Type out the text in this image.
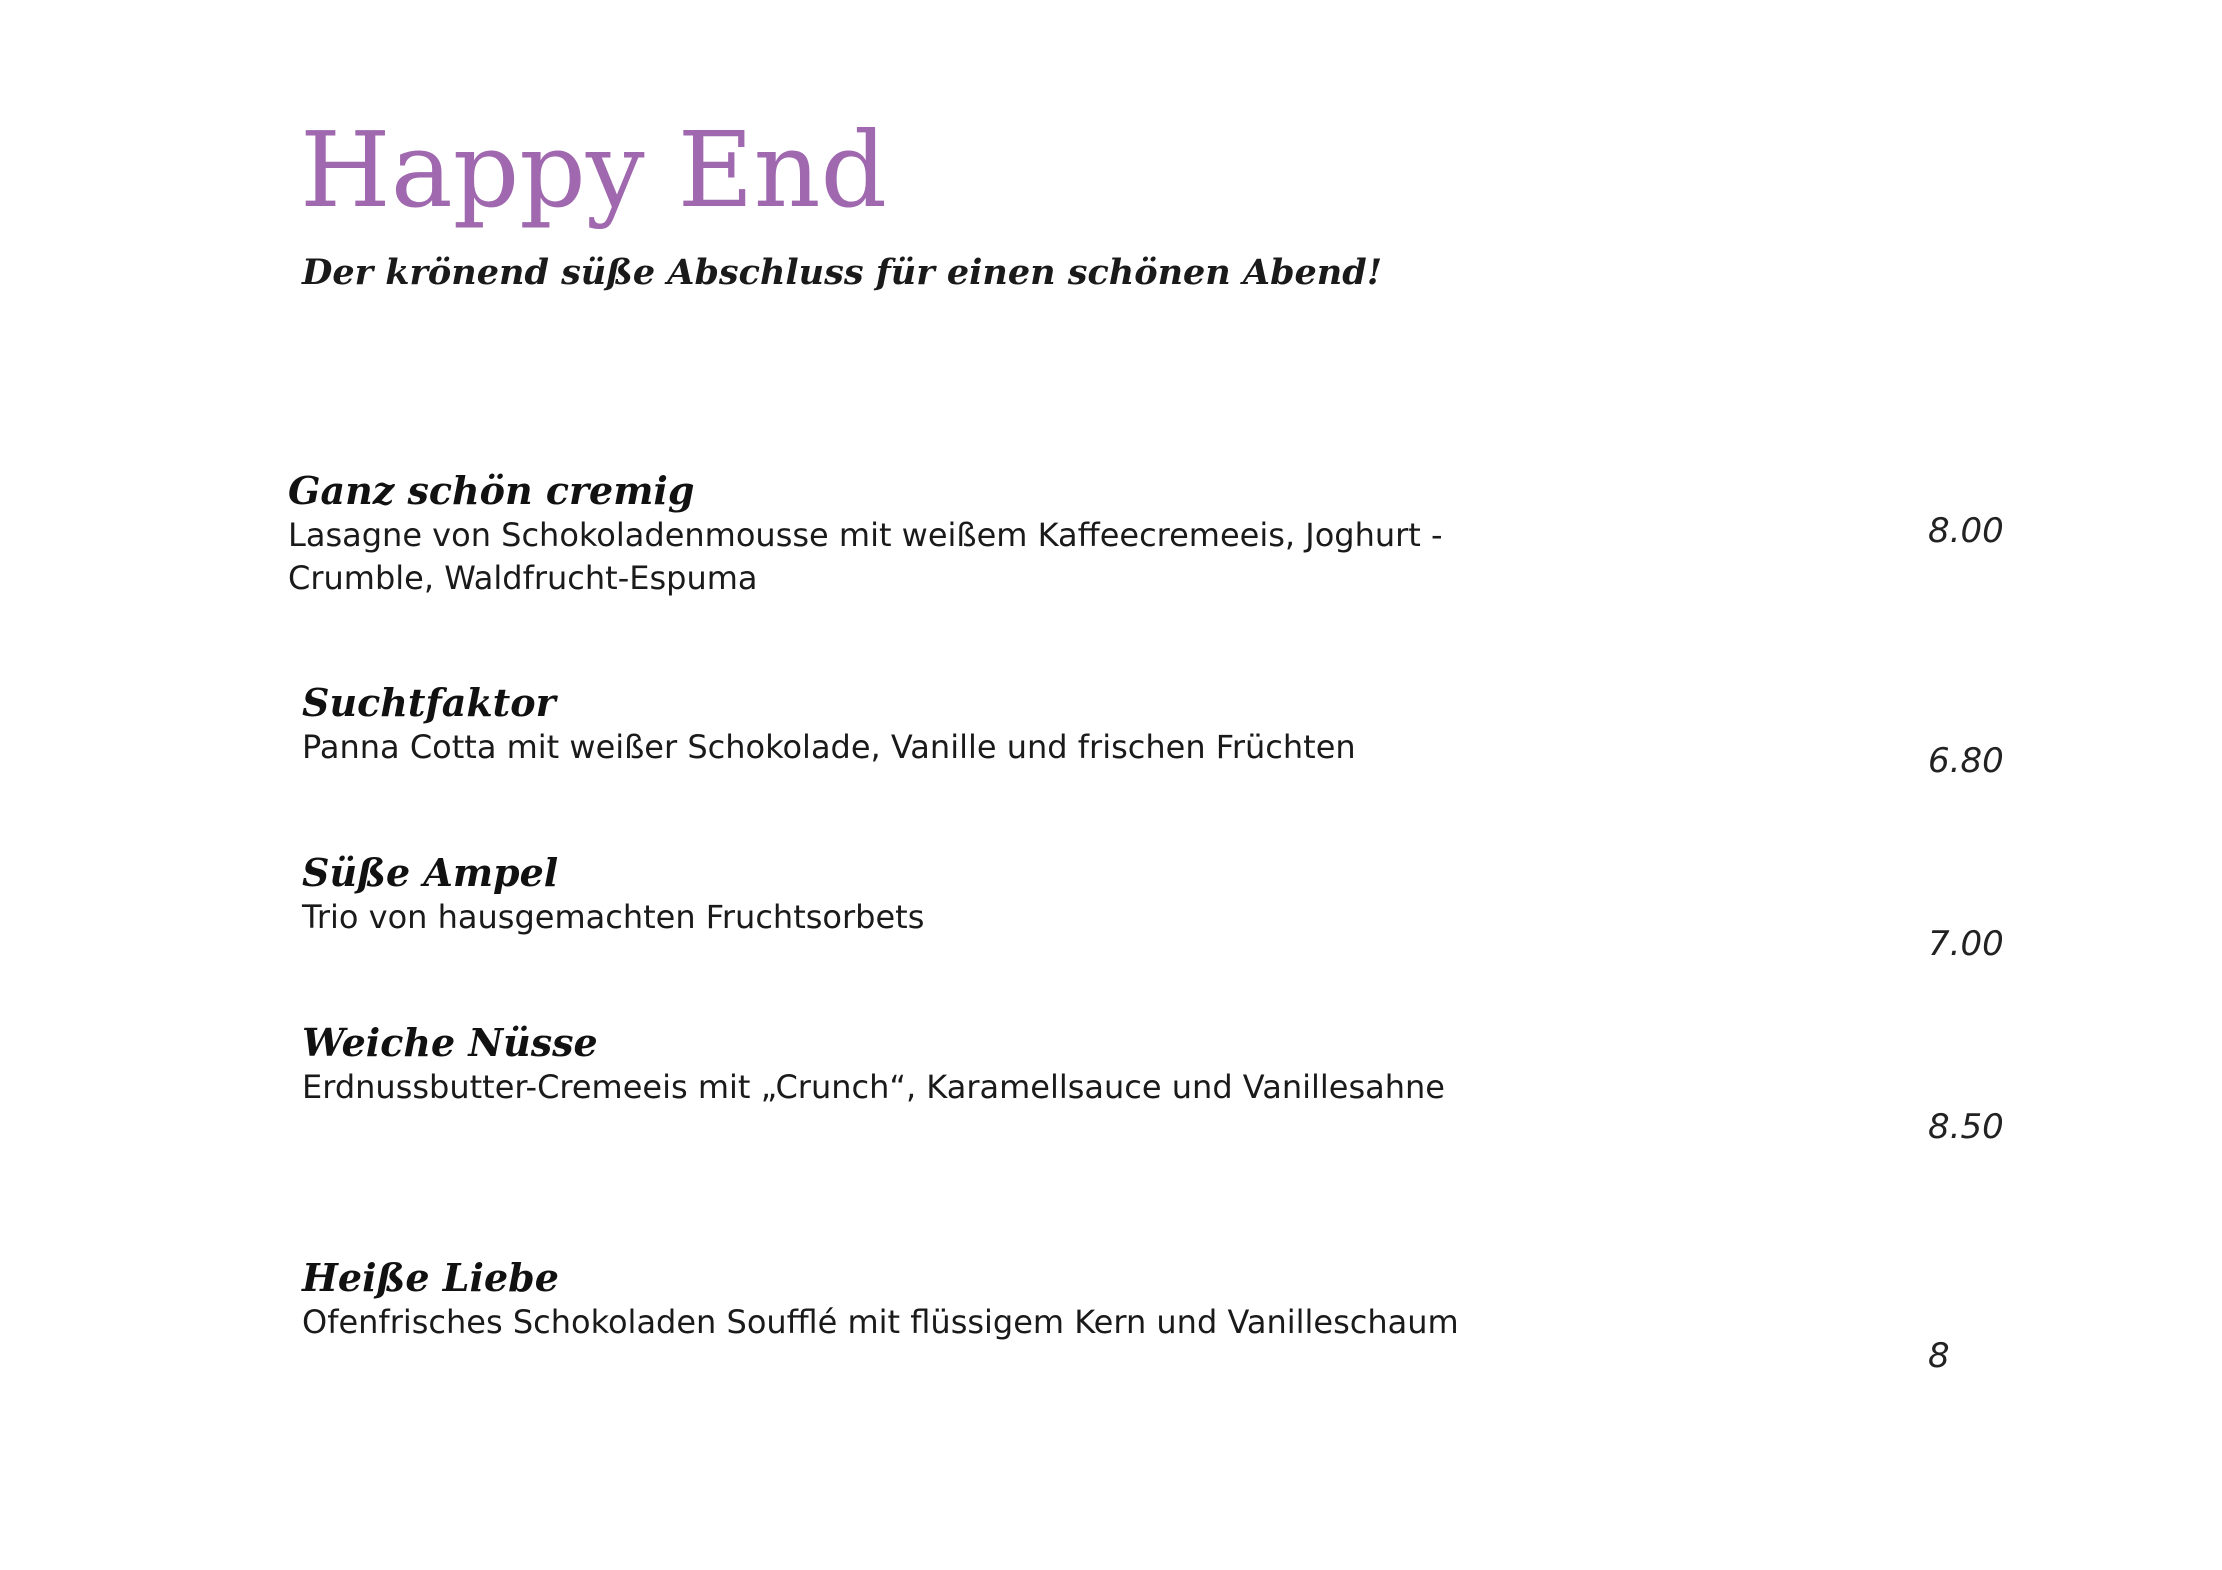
Happy End

Der krönend süße Abschluss für einen schönen Abend!

Ganz schön cremig

Lasagne von Schokoladenmousse mit weißem Kaffeecremeeis, Joghurt - Crumble, Waldfrucht-Espuma

8.00

Suchtfaktor

Panna Cotta mit weißer Schokolade, Vanille und frischen Früchten	6.80

Süße Ampel

Trio von hausgemachten Fruchtsorbets

7.00

Weiche Nüsse

Erdnussbutter-Cremeeis mit „Crunch“, Karamellsauce und Vanillesahne

8.50

Heiße Liebe

Ofenfrisches Schokoladen Soufflé mit flüssigem Kern und Vanilleschaum

8
